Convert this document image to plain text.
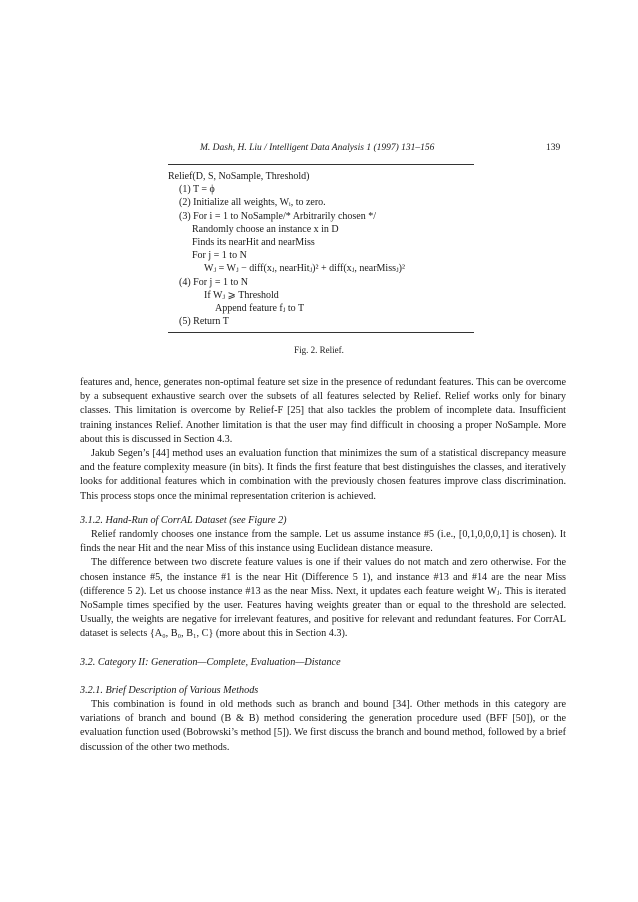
M. Dash, H. Liu / Intelligent Data Analysis 1 (1997) 131–156	139
Relief(D, S, NoSample, Threshold)
(1) T = ϕ
(2) Initialize all weights, Wᵢ, to zero.
(3) For i = 1 to NoSample/* Arbitrarily chosen */
Randomly choose an instance x in D
Finds its nearHit and nearMiss
For j = 1 to N
Wⱼ = Wⱼ − diff(xⱼ, nearHitⱼ)² + diff(xⱼ, nearMissⱼ)²
(4) For j = 1 to N
If Wⱼ ⩾ Threshold
Append feature fⱼ to T
(5) Return T
Fig. 2. Relief.

features and, hence, generates non-optimal feature set size in the presence of redundant features. This can be overcome by a subsequent exhaustive search over the subsets of all features selected by Relief. Relief works only for binary classes. This limitation is overcome by Relief-F [25] that also tackles the problem of incomplete data. Insufficient training instances Relief. Another limitation is that the user may find difficult in choosing a proper NoSample. More about this is discussed in Section 4.3.

Jakub Segen’s [44] method uses an evaluation function that minimizes the sum of a statistical discrepancy measure and the feature complexity measure (in bits). It finds the first feature that best distinguishes the classes, and iteratively looks for additional features which in combination with the previously chosen features improve class discrimination. This process stops once the minimal representation criterion is achieved.

3.1.2. Hand-Run of CorrAL Dataset (see Figure 2)

Relief randomly chooses one instance from the sample. Let us assume instance #5 (i.e., [0,1,0,0,0,1] is chosen). It finds the near Hit and the near Miss of this instance using Euclidean distance measure.

The difference between two discrete feature values is one if their values do not match and zero otherwise. For the chosen instance #5, the instance #1 is the near Hit (Difference 5 1), and instance #13 and #14 are the near Miss (difference 5 2). Let us choose instance #13 as the near Miss. Next, it updates each feature weight Wⱼ. This is iterated NoSample times specified by the user. Features having weights greater than or equal to the threshold are selected. Usually, the weights are negative for irrelevant features, and positive for relevant and redundant features. For CorrAL dataset is selects {A₀, B₀, B₁, C} (more about this in Section 4.3).

3.2. Category II: Generation—Complete, Evaluation—Distance

3.2.1. Brief Description of Various Methods

This combination is found in old methods such as branch and bound [34]. Other methods in this category are variations of branch and bound (B & B) method considering the generation procedure used (BFF [50]), or the evaluation function used (Bobrowski’s method [5]). We first discuss the branch and bound method, followed by a brief discussion of the other two methods.
